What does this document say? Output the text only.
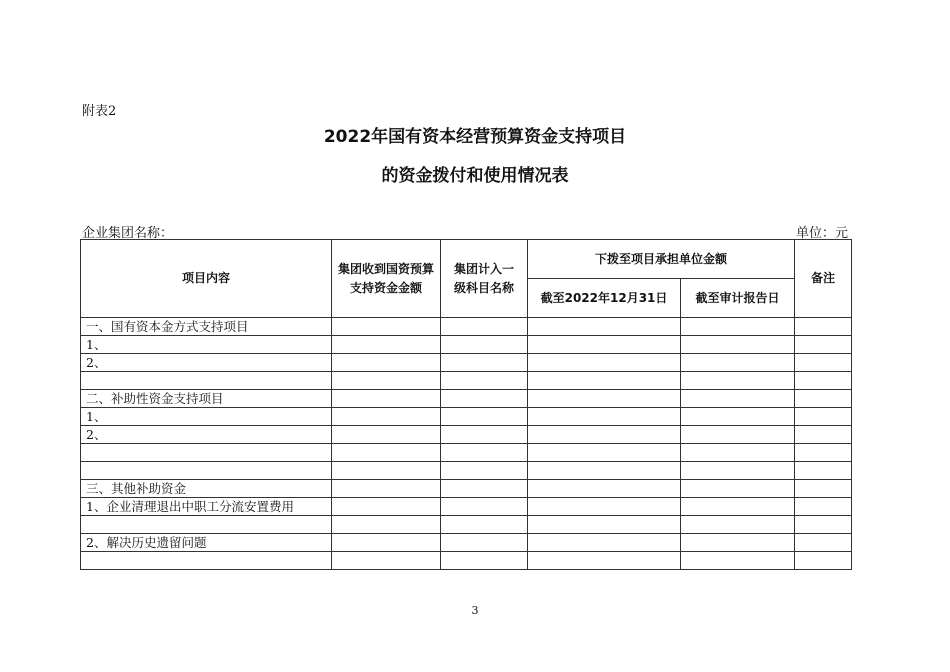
附表2
2022年国有资本经营预算资金支持项目
的资金拨付和使用情况表
企业集团名称：	单位：元
项目内容	集团收到国资预算支持资金金额	集团计入一级科目名称	下拨至项目承担单位金额		备注
			截至2022年12月31日	截至审计报告日	
一、国有资本金方式支持项目					
1、					
2、					

二、补助性资金支持项目					
1、					
2、					

三、其他补助资金					
1、企业清理退出中职工分流安置费用					

2、解决历史遗留问题					

3
